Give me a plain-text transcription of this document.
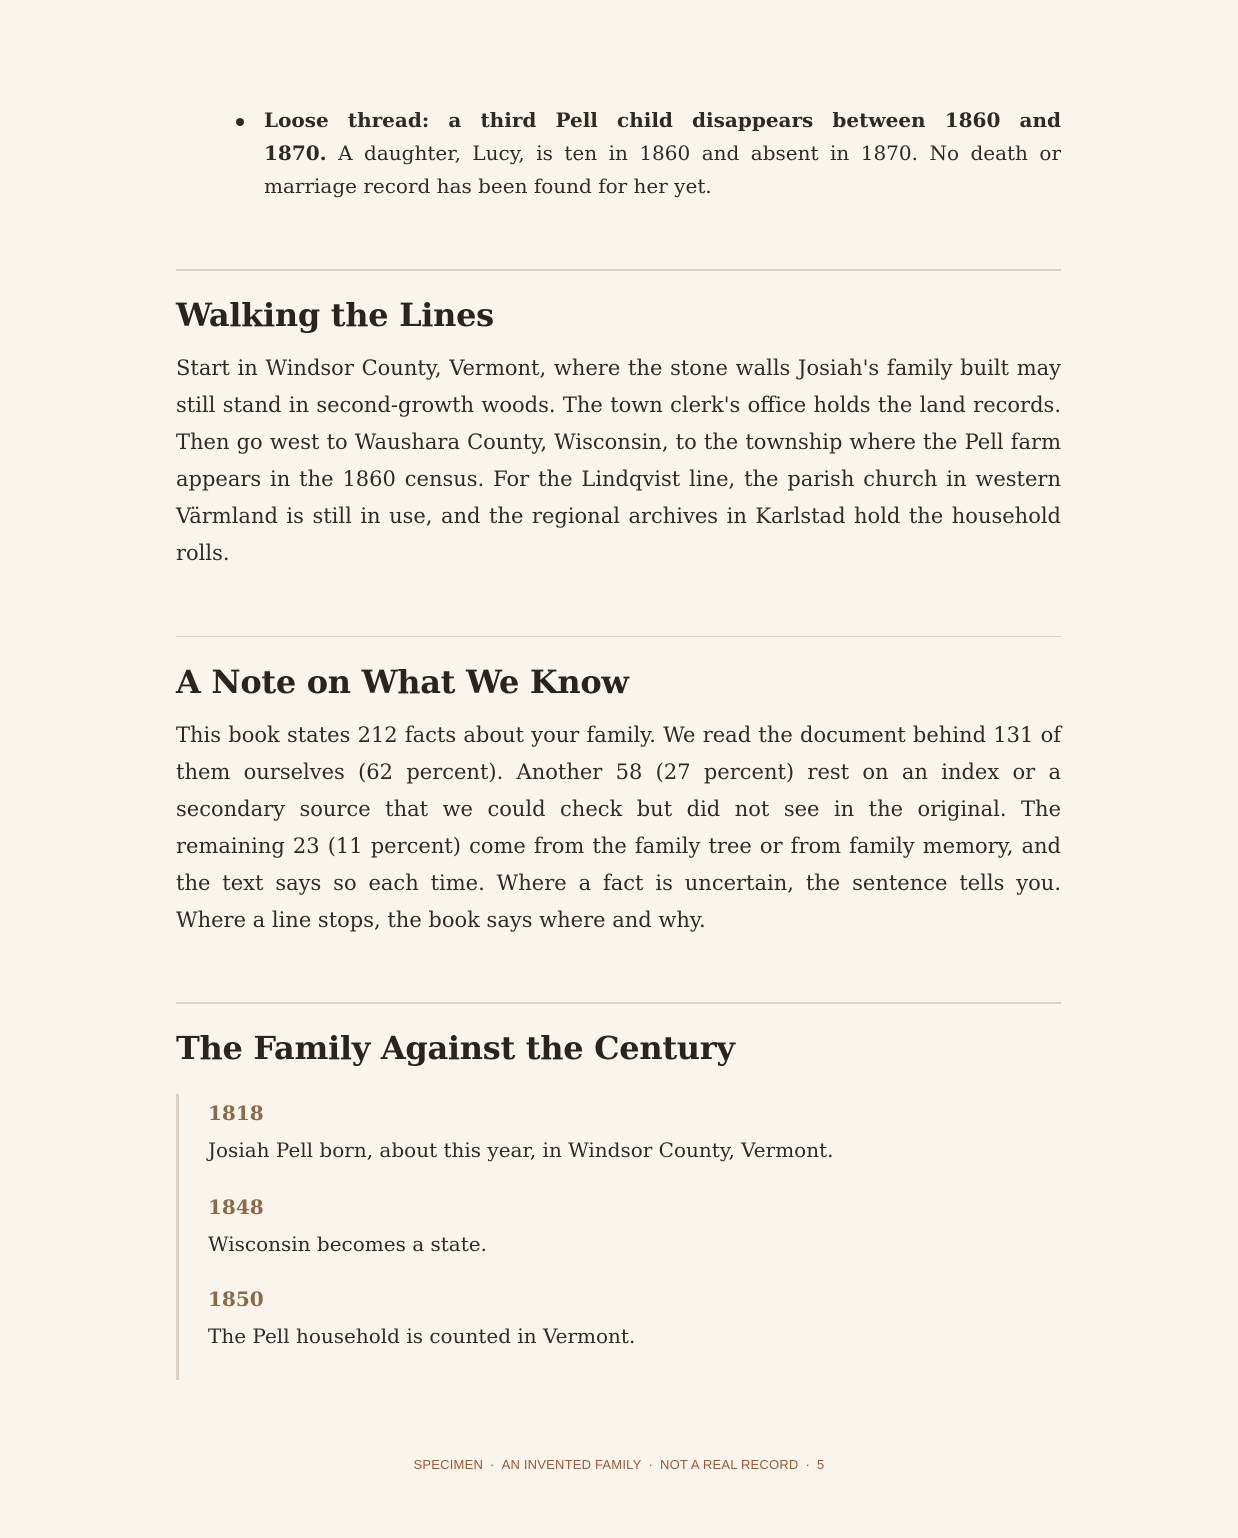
Loose thread: a third Pell child disappears between 1860 and 1870. A daughter, Lucy, is ten in 1860 and absent in 1870. No death or marriage record has been found for her yet.
Walking the Lines

Start in Windsor County, Vermont, where the stone walls Josiah's family built may still stand in second-growth woods. The town clerk's office holds the land records. Then go west to Waushara County, Wisconsin, to the township where the Pell farm appears in the 1860 census. For the Lindqvist line, the parish church in western Värmland is still in use, and the regional archives in Karlstad hold the household rolls.

A Note on What We Know

This book states 212 facts about your family. We read the document behind 131 of them ourselves (62 percent). Another 58 (27 percent) rest on an index or a secondary source that we could check but did not see in the original. The remaining 23 (11 percent) come from the family tree or from family memory, and the text says so each time. Where a fact is uncertain, the sentence tells you. Where a line stops, the book says where and why.

The Family Against the Century
1818
Josiah Pell born, about this year, in Windsor County, Vermont.
1848
Wisconsin becomes a state.
1850
The Pell household is counted in Vermont.
SPECIMEN · AN INVENTED FAMILY · NOT A REAL RECORD · 5
